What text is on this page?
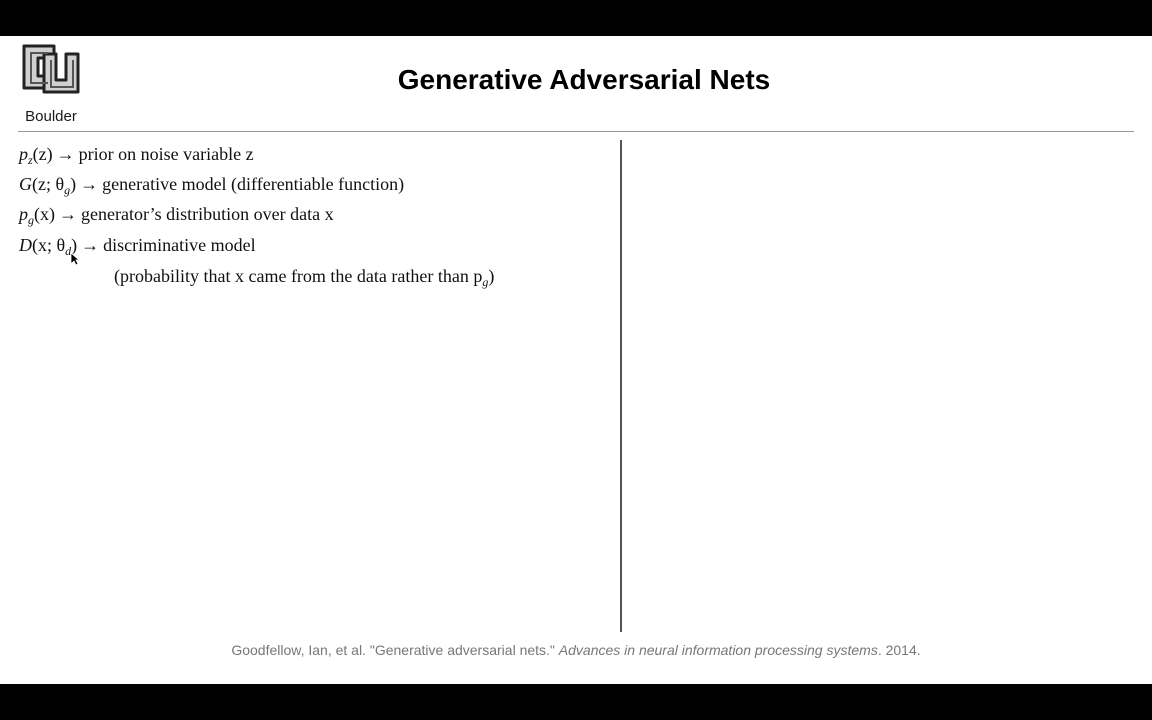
Boulder
Generative Adversarial Nets
$p_z(z)$ → prior on noise variable z
G(z; $\theta_g$) → generative model (differentiable function)
$p_g(x)$ → generator’s distribution over data x
D(x; $\theta_d$) → discriminative model
(probability that x came from the data rather than $p_g$)
Goodfellow, Ian, et al. "Generative adversarial nets." Advances in neural information processing systems. 2014.
